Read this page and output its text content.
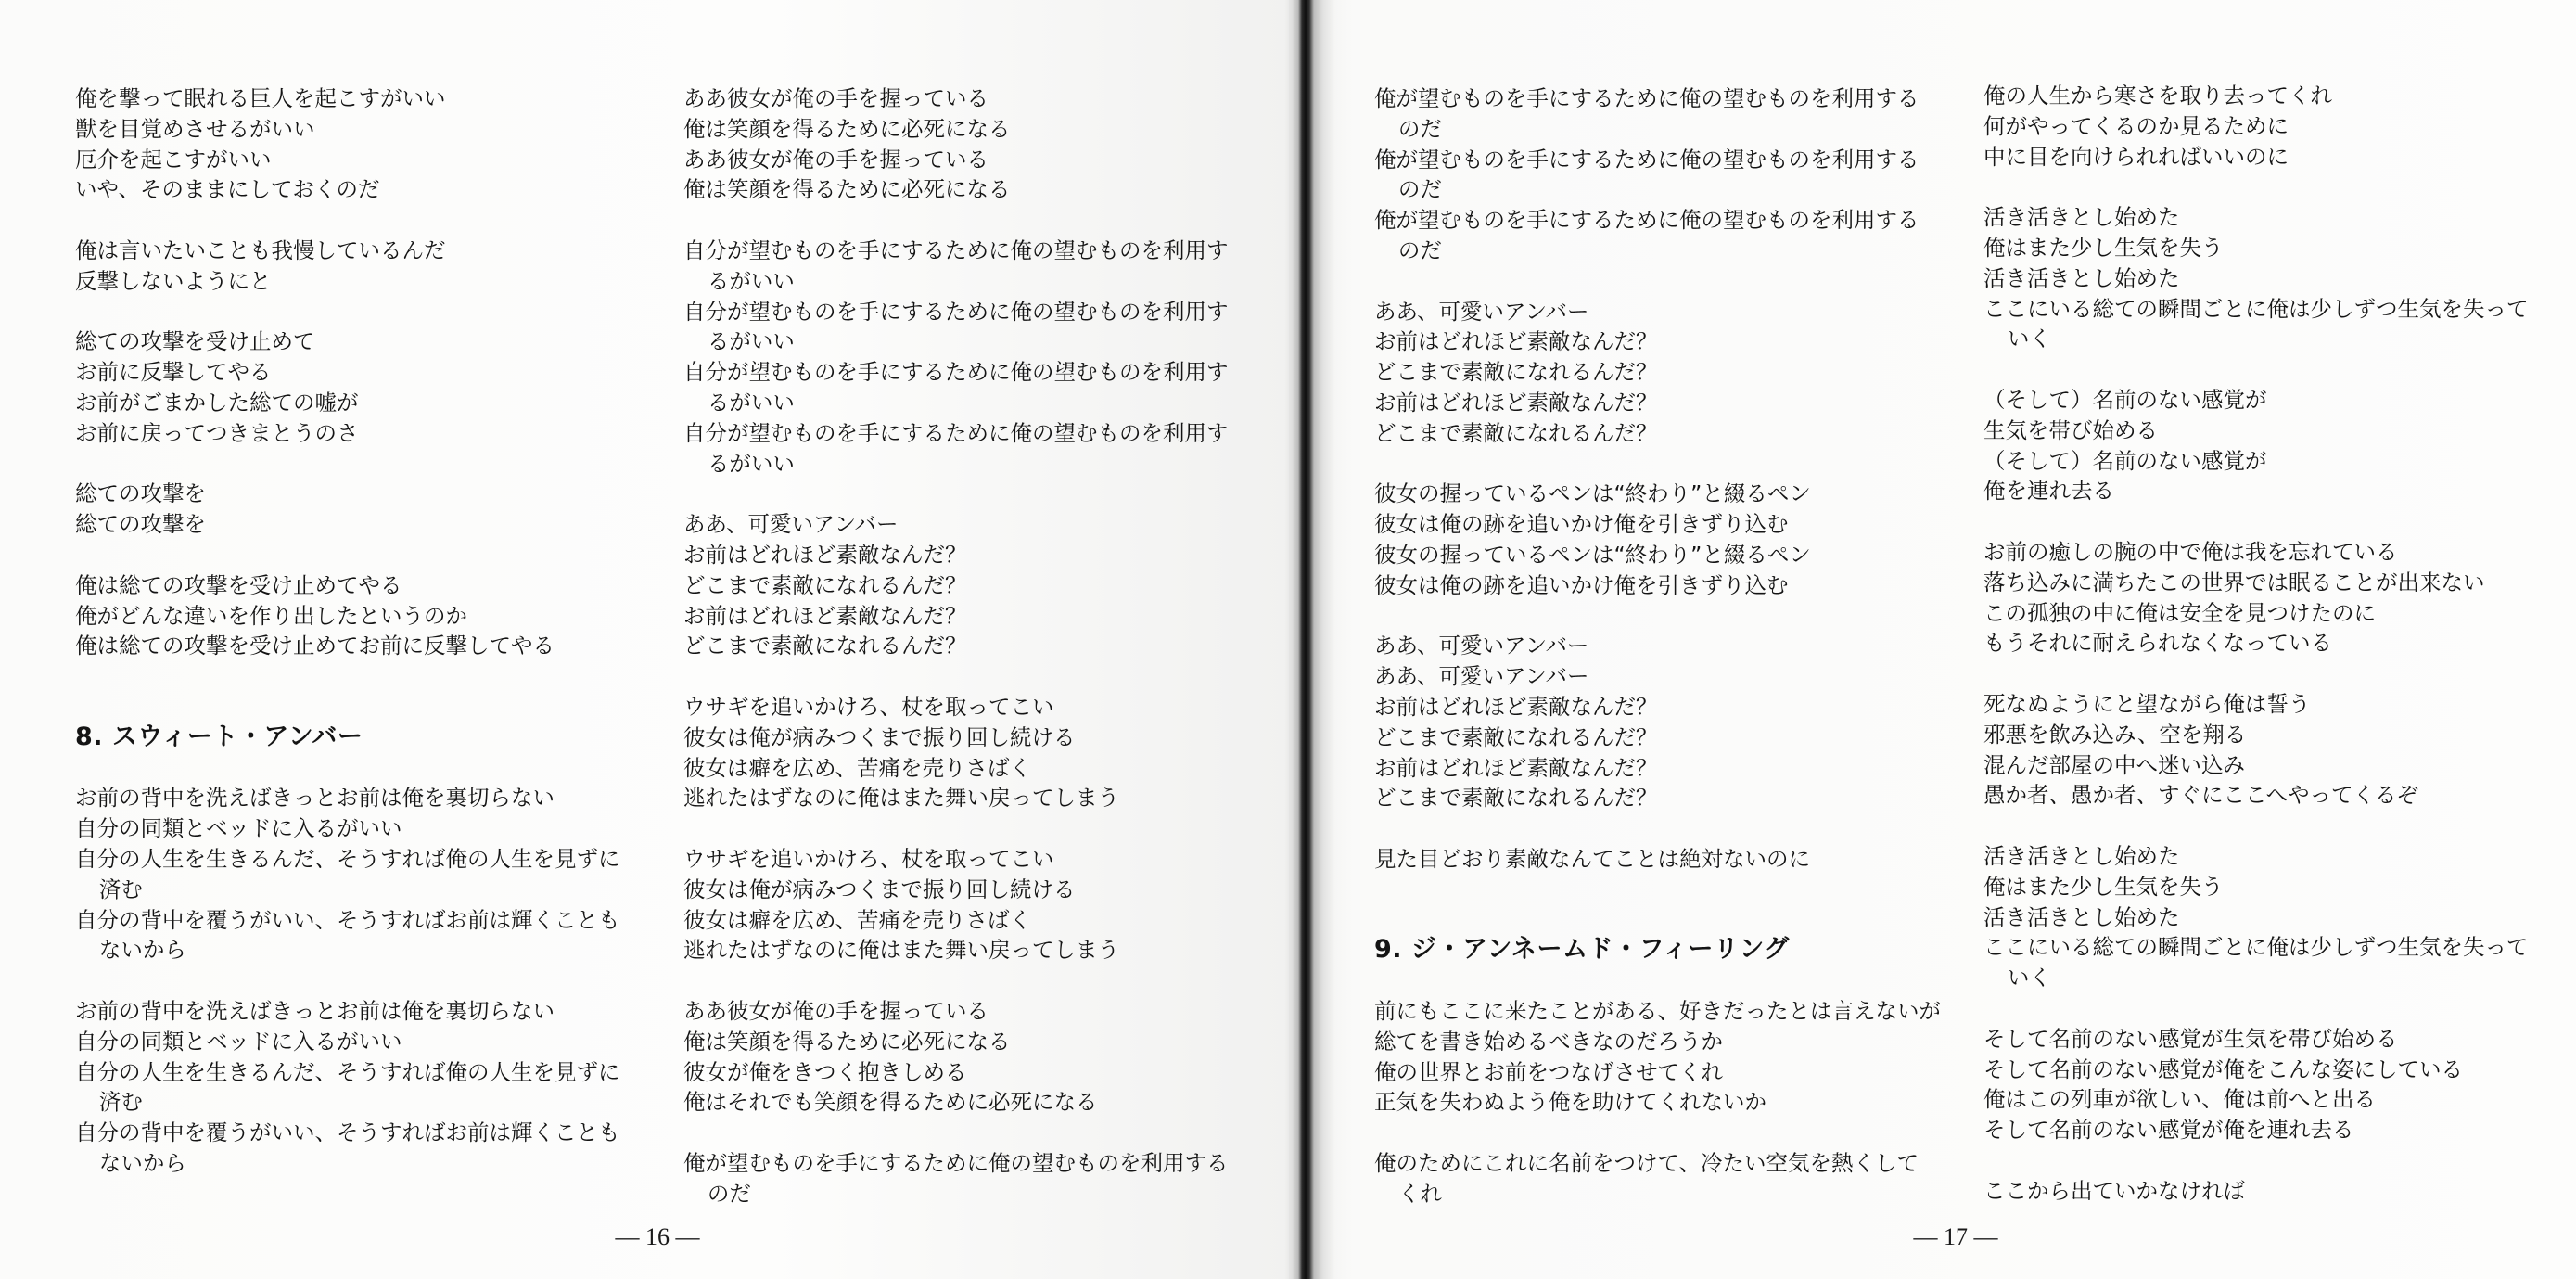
俺を撃って眠れる巨人を起こすがいい
獣を目覚めさせるがいい
厄介を起こすがいい
いや、そのままにしておくのだ
俺は言いたいことも我慢しているんだ
反撃しないようにと
総ての攻撃を受け止めて
お前に反撃してやる
お前がごまかした総ての嘘が
お前に戻ってつきまとうのさ
総ての攻撃を
総ての攻撃を
俺は総ての攻撃を受け止めてやる
俺がどんな違いを作り出したというのか
俺は総ての攻撃を受け止めてお前に反撃してやる
8. スウィート・アンバー
お前の背中を洗えばきっとお前は俺を裏切らない
自分の同類とベッドに入るがいい
自分の人生を生きるんだ、そうすれば俺の人生を見ずに
済む
自分の背中を覆うがいい、そうすればお前は輝くことも
ないから
お前の背中を洗えばきっとお前は俺を裏切らない
自分の同類とベッドに入るがいい
自分の人生を生きるんだ、そうすれば俺の人生を見ずに
済む
自分の背中を覆うがいい、そうすればお前は輝くことも
ないから
ああ彼女が俺の手を握っている
俺は笑顔を得るために必死になる
ああ彼女が俺の手を握っている
俺は笑顔を得るために必死になる
自分が望むものを手にするために俺の望むものを利用す
るがいい
自分が望むものを手にするために俺の望むものを利用す
るがいい
自分が望むものを手にするために俺の望むものを利用す
るがいい
自分が望むものを手にするために俺の望むものを利用す
るがいい
ああ、可愛いアンバー
お前はどれほど素敵なんだ？
どこまで素敵になれるんだ？
お前はどれほど素敵なんだ？
どこまで素敵になれるんだ？
ウサギを追いかけろ、杖を取ってこい
彼女は俺が病みつくまで振り回し続ける
彼女は癖を広め、苦痛を売りさばく
逃れたはずなのに俺はまた舞い戻ってしまう
ウサギを追いかけろ、杖を取ってこい
彼女は俺が病みつくまで振り回し続ける
彼女は癖を広め、苦痛を売りさばく
逃れたはずなのに俺はまた舞い戻ってしまう
ああ彼女が俺の手を握っている
俺は笑顔を得るために必死になる
彼女が俺をきつく抱きしめる
俺はそれでも笑顔を得るために必死になる
俺が望むものを手にするために俺の望むものを利用する
のだ
— 16 —
俺が望むものを手にするために俺の望むものを利用する
のだ
俺が望むものを手にするために俺の望むものを利用する
のだ
俺が望むものを手にするために俺の望むものを利用する
のだ
ああ、可愛いアンバー
お前はどれほど素敵なんだ？
どこまで素敵になれるんだ？
お前はどれほど素敵なんだ？
どこまで素敵になれるんだ？
彼女の握っているペンは“終わり”と綴るペン
彼女は俺の跡を追いかけ俺を引きずり込む
彼女の握っているペンは“終わり”と綴るペン
彼女は俺の跡を追いかけ俺を引きずり込む
ああ、可愛いアンバー
ああ、可愛いアンバー
お前はどれほど素敵なんだ？
どこまで素敵になれるんだ？
お前はどれほど素敵なんだ？
どこまで素敵になれるんだ？
見た目どおり素敵なんてことは絶対ないのに
9. ジ・アンネームド・フィーリング
前にもここに来たことがある、好きだったとは言えないが
総てを書き始めるべきなのだろうか
俺の世界とお前をつなげさせてくれ
正気を失わぬよう俺を助けてくれないか
俺のためにこれに名前をつけて、冷たい空気を熱くして
くれ
俺の人生から寒さを取り去ってくれ
何がやってくるのか見るために
中に目を向けられればいいのに
活き活きとし始めた
俺はまた少し生気を失う
活き活きとし始めた
ここにいる総ての瞬間ごとに俺は少しずつ生気を失って
いく
（そして）名前のない感覚が
生気を帯び始める
（そして）名前のない感覚が
俺を連れ去る
お前の癒しの腕の中で俺は我を忘れている
落ち込みに満ちたこの世界では眠ることが出来ない
この孤独の中に俺は安全を見つけたのに
もうそれに耐えられなくなっている
死なぬようにと望ながら俺は誓う
邪悪を飲み込み、空を翔る
混んだ部屋の中へ迷い込み
愚か者、愚か者、すぐにここへやってくるぞ
活き活きとし始めた
俺はまた少し生気を失う
活き活きとし始めた
ここにいる総ての瞬間ごとに俺は少しずつ生気を失って
いく
そして名前のない感覚が生気を帯び始める
そして名前のない感覚が俺をこんな姿にしている
俺はこの列車が欲しい、俺は前へと出る
そして名前のない感覚が俺を連れ去る
ここから出ていかなければ
— 17 —
